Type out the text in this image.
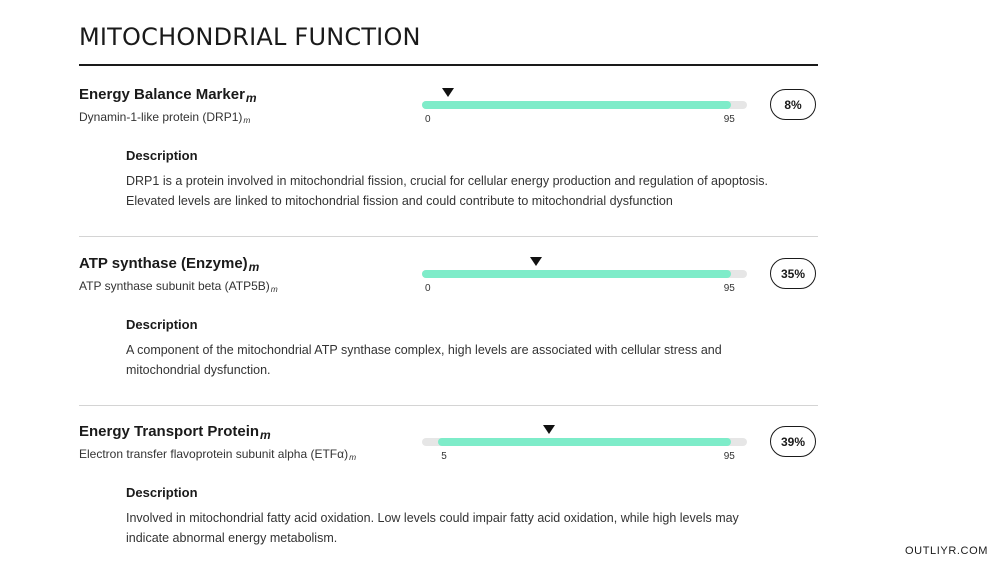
MITOCHONDRIAL FUNCTION
Energy Balance Marker$_m$
Dynamin-1-like protein (DRP1)m	0	95
8%
Description
DRP1 is a protein involved in mitochondrial fission, crucial for cellular energy production and regulation of apoptosis. Elevated levels are linked to mitochondrial fission and could contribute to mitochondrial dysfunction
ATP synthase $(Enzyme)_m$
ATP synthase subunit beta (ATP5B)m	0	95
35%
Description
A component of the mitochondrial ATP synthase complex, high levels are associated with cellular stress and mitochondrial dysfunction.
Energy Transport Protein$_m$
Electron transfer flavoprotein subunit alpha (ETFα)m	5	95
39%
Description
Involved in mitochondrial fatty acid oxidation. Low levels could impair fatty acid oxidation, while high levels may indicate abnormal energy metabolism.
OUTLIYR.COM
